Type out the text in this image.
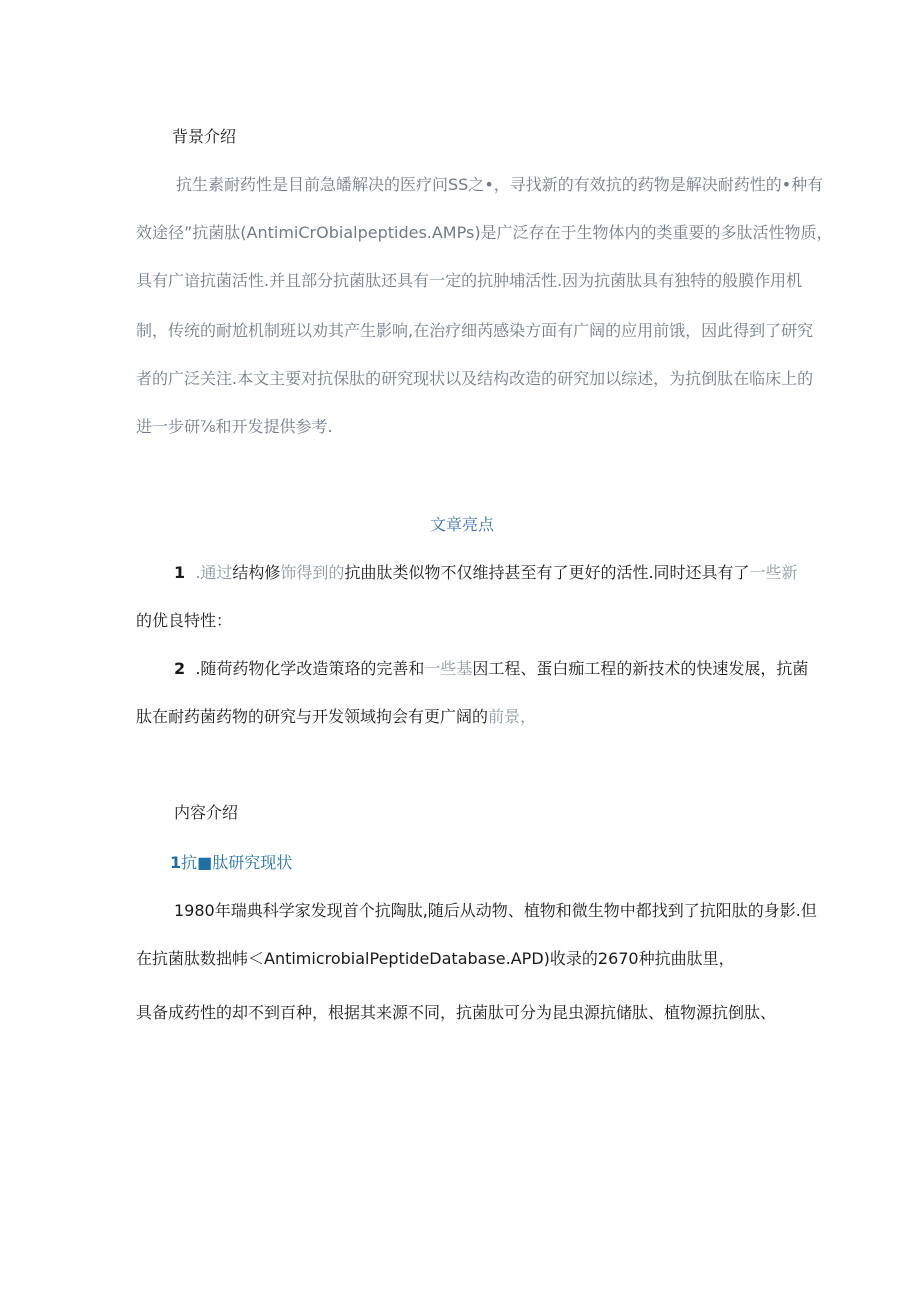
背景介绍
抗生素耐药性是目前急皤解决的医疗问SS之•，寻找新的有效抗的药物是解决耐药性的•种有
效途径”抗菌肽(AntimiCrObialpeptides.AMPs)是广泛存在于生物体内的类重要的多肽活性物质，
具有广谙抗菌活性.并且部分抗菌肽还具有一定的抗肿埔活性.因为抗菌肽具有独特的般膜作用机
制，传统的耐尬机制班以劝其产生影响,在治疗细芮感染方面有广阔的应用前饿，因此得到了研究
者的广泛关注.本文主要对抗保肽的研究现状以及结构改造的研究加以综述，为抗倒肽在临床上的
进一步研⅞和开发提供参考.
文章亮点
1 .通过结构修饰得到的抗曲肽类似物不仅维持甚至有了更好的活性.同时还具有了一些新
的优良特性：
2 .随荷药物化学改造策珞的完善和一些基因工程、蛋白痂工程的新技术的快速发展，抗菌
肽在耐药菌药物的研究与开发领域拘会有更广阔的前景，
内容介绍
1抗■肽研究现状
1980年瑞典科学家发现首个抗陶肽,随后从动物、植物和微生物中都找到了抗阳肽的身影.但
在抗菌肽数拙帏＜AntimicrobialPeptideDatabase.APD)收录的2670种抗曲肽里，
具备成药性的却不到百种，根据其来源不同，抗菌肽可分为昆虫源抗储肽、植物源抗倒肽、
